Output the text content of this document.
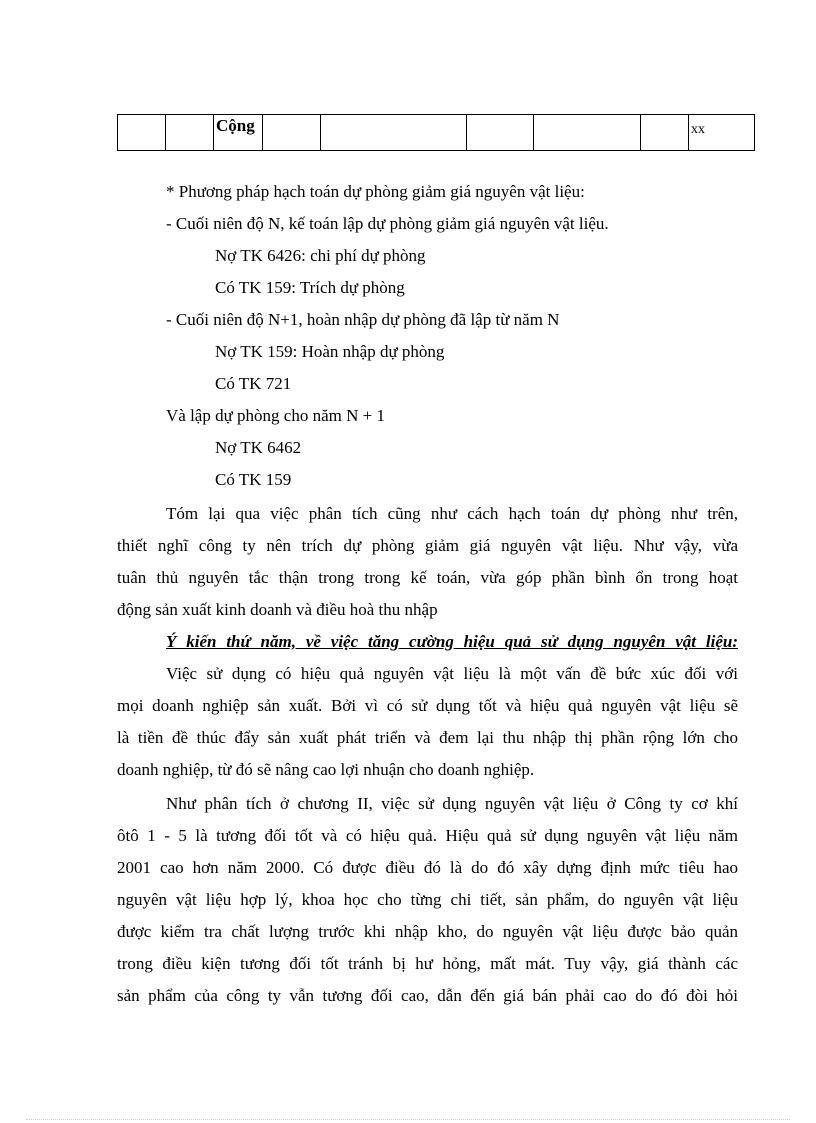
		Cộng						xx
* Phương pháp hạch toán dự phòng giảm giá nguyên vật liệu:
- Cuối niên độ N, kế toán lập dự phòng giảm giá nguyên vật liệu.
Nợ TK 6426: chi phí dự phòng
Có TK 159: Trích dự phòng
- Cuối niên độ N+1, hoàn nhập dự phòng đã lập từ năm N
Nợ TK 159: Hoàn nhập dự phòng
Có TK 721
Và lập dự phòng cho năm N + 1
Nợ TK 6462
Có TK 159
Tóm lại qua việc phân tích cũng như cách hạch toán dự phòng như trên,
thiết nghĩ công ty nên trích dự phòng giảm giá nguyên vật liệu. Như vậy, vừa
tuân thủ nguyên tắc thận trong trong kế toán, vừa góp phần bình ổn trong hoạt
động sản xuất kinh doanh và điều hoà thu nhập
Ý kiến thứ năm, về việc tăng cường hiệu quả sử dụng nguyên vật liệu:
Việc sử dụng có hiệu quả nguyên vật liệu là một vấn đề bức xúc đối với
mọi doanh nghiệp sản xuất. Bởi vì có sử dụng tốt và hiệu quả nguyên vật liệu sẽ
là tiền đề thúc đẩy sản xuất phát triển và đem lại thu nhập thị phần rộng lớn cho
doanh nghiệp, từ đó sẽ nâng cao lợi nhuận cho doanh nghiệp.
Như phân tích ở chương II, việc sử dụng nguyên vật liệu ở Công ty cơ khí
ôtô 1 - 5 là tương đối tốt và có hiệu quả. Hiệu quả sử dụng nguyên vật liệu năm
2001 cao hơn năm 2000. Có được điều đó là do đó xây dựng định mức tiêu hao
nguyên vật liệu hợp lý, khoa học cho từng chi tiết, sản phẩm, do nguyên vật liệu
được kiểm tra chất lượng trước khi nhập kho, do nguyên vật liệu được bảo quản
trong điều kiện tương đối tốt tránh bị hư hỏng, mất mát. Tuy vậy, giá thành các
sản phẩm của công ty vẫn tương đối cao, dẫn đến giá bán phải cao do đó đòi hỏi
